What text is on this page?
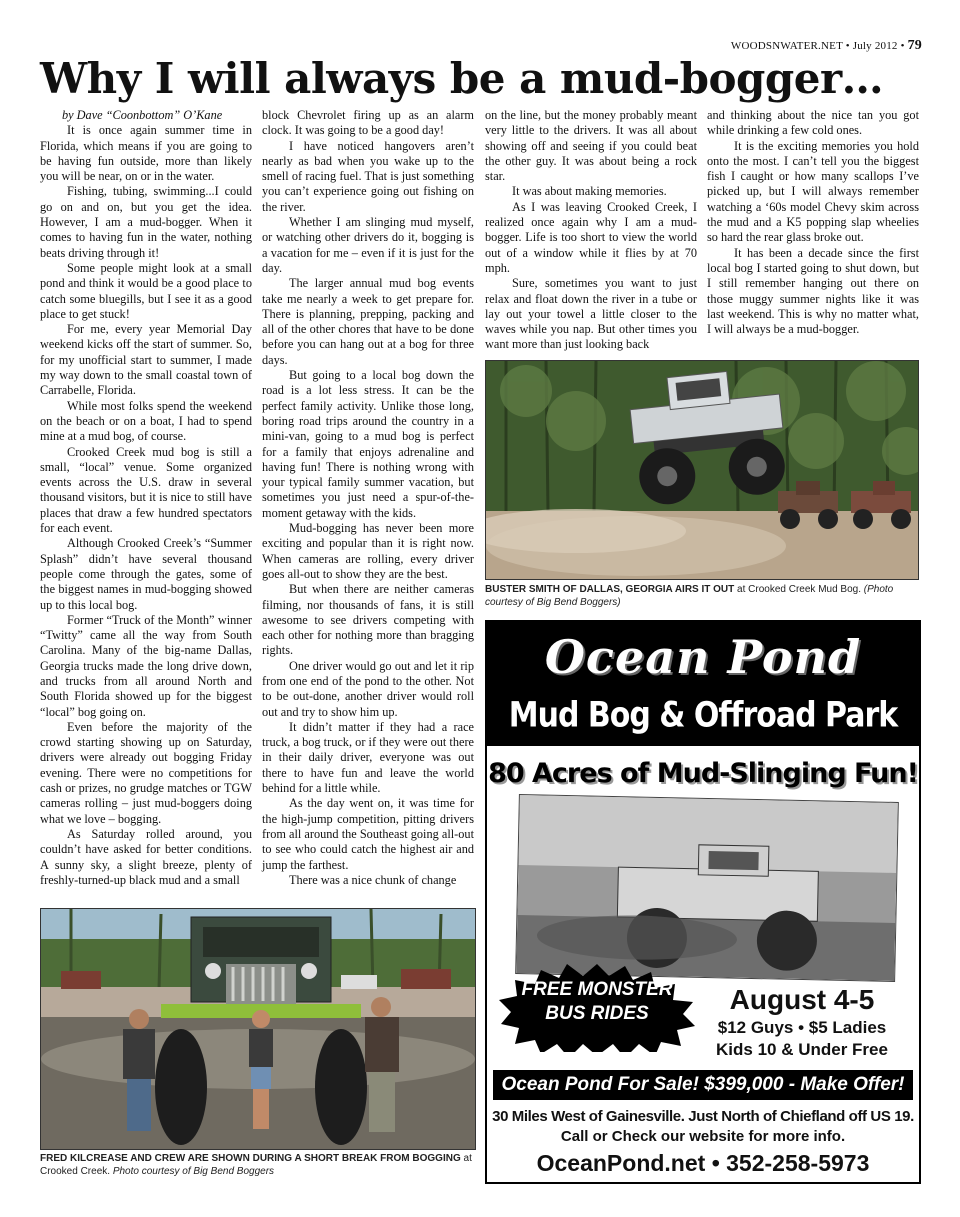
WOODSNWATER.NET • July 2012 • 79
Why I will always be a mud-bogger…

by Dave “Coonbottom” O’Kane

It is once again summer time in Florida, which means if you are going to be having fun outside, more than likely you will be near, on or in the water.

Fishing, tubing, swimming...I could go on and on, but you get the idea. However, I am a mud-bogger. When it comes to having fun in the water, nothing beats driving through it!

Some people might look at a small pond and think it would be a good place to catch some bluegills, but I see it as a good place to get stuck!

For me, every year Memorial Day weekend kicks off the start of summer. So, for my unofficial start to summer, I made my way down to the small coastal town of Carrabelle, Florida.

While most folks spend the weekend on the beach or on a boat, I had to spend mine at a mud bog, of course.

Crooked Creek mud bog is still a small, “local” venue. Some organized events across the U.S. draw in several thousand visitors, but it is nice to still have places that draw a few hundred spectators for each event.

Although Crooked Creek’s “Summer Splash” didn’t have several thousand people come through the gates, some of the biggest names in mud-bogging showed up to this local bog.

Former “Truck of the Month” winner “Twitty” came all the way from South Carolina. Many of the big-name Dallas, Georgia trucks made the long drive down, and trucks from all around North and South Florida showed up for the biggest “local” bog going on.

Even before the majority of the crowd starting showing up on Saturday, drivers were already out bogging Friday evening. There were no competitions for cash or prizes, no grudge matches or TGW cameras rolling – just mud-boggers doing what we love – bogging.

As Saturday rolled around, you couldn’t have asked for better conditions. A sunny sky, a slight breeze, plenty of freshly-turned-up black mud and a small

block Chevrolet firing up as an alarm clock. It was going to be a good day!

I have noticed hangovers aren’t nearly as bad when you wake up to the smell of racing fuel. That is just something you can’t experience going out fishing on the river.

Whether I am slinging mud myself, or watching other drivers do it, bogging is a vacation for me – even if it is just for the day.

The larger annual mud bog events take me nearly a week to get prepare for. There is planning, prepping, packing and all of the other chores that have to be done before you can hang out at a bog for three days.

But going to a local bog down the road is a lot less stress. It can be the perfect family activity. Unlike those long, boring road trips around the country in a mini-van, going to a mud bog is perfect for a family that enjoys adrenaline and having fun! There is nothing wrong with your typical family summer vacation, but sometimes you just need a spur-of-the-moment getaway with the kids.

Mud-bogging has never been more exciting and popular than it is right now. When cameras are rolling, every driver goes all-out to show they are the best.

But when there are neither cameras filming, nor thousands of fans, it is still awesome to see drivers competing with each other for nothing more than bragging rights.

One driver would go out and let it rip from one end of the pond to the other. Not to be out-done, another driver would roll out and try to show him up.

It didn’t matter if they had a race truck, a bog truck, or if they were out there in their daily driver, everyone was out there to have fun and leave the world behind for a little while.

As the day went on, it was time for the high-jump competition, pitting drivers from all around the Southeast going all-out to see who could catch the highest air and jump the farthest.

There was a nice chunk of change

on the line, but the money probably meant very little to the drivers. It was all about showing off and seeing if you could beat the other guy. It was about being a rock star.

It was about making memories.

As I was leaving Crooked Creek, I realized once again why I am a mud-bogger. Life is too short to view the world out of a window while it flies by at 70 mph.

Sure, sometimes you want to just relax and float down the river in a tube or lay out your towel a little closer to the waves while you nap. But other times you want more than just looking back

and thinking about the nice tan you got while drinking a few cold ones.

It is the exciting memories you hold onto the most. I can’t tell you the biggest fish I caught or how many scallops I’ve picked up, but I will always remember watching a ‘60s model Chevy skim across the mud and a K5 popping slap wheelies so hard the rear glass broke out.

It has been a decade since the first local bog I started going to shut down, but I still remember hanging out there on those muggy summer nights like it was last weekend. This is why no matter what, I will always be a mud-bogger.

BUSTER SMITH OF DALLAS, GEORGIA AIRS IT OUT at Crooked Creek Mud Bog. (Photo courtesy of Big Bend Boggers)
FRED KILCREASE AND CREW ARE SHOWN DURING A SHORT BREAK FROM BOGGING at Crooked Creek. Photo courtesy of Big Bend Boggers
Ocean Pond
Mud Bog & Offroad Park
80 Acres of Mud-Slinging Fun!
FREE MONSTER
BUS RIDES	August 4-5
$12 Guys • $5 Ladies
Kids 10 & Under Free
Ocean Pond For Sale! $399,000 - Make Offer!
30 Miles West of Gainesville. Just North of Chiefland off US 19.
Call or Check our website for more info.
OceanPond.net • 352-258-5973
